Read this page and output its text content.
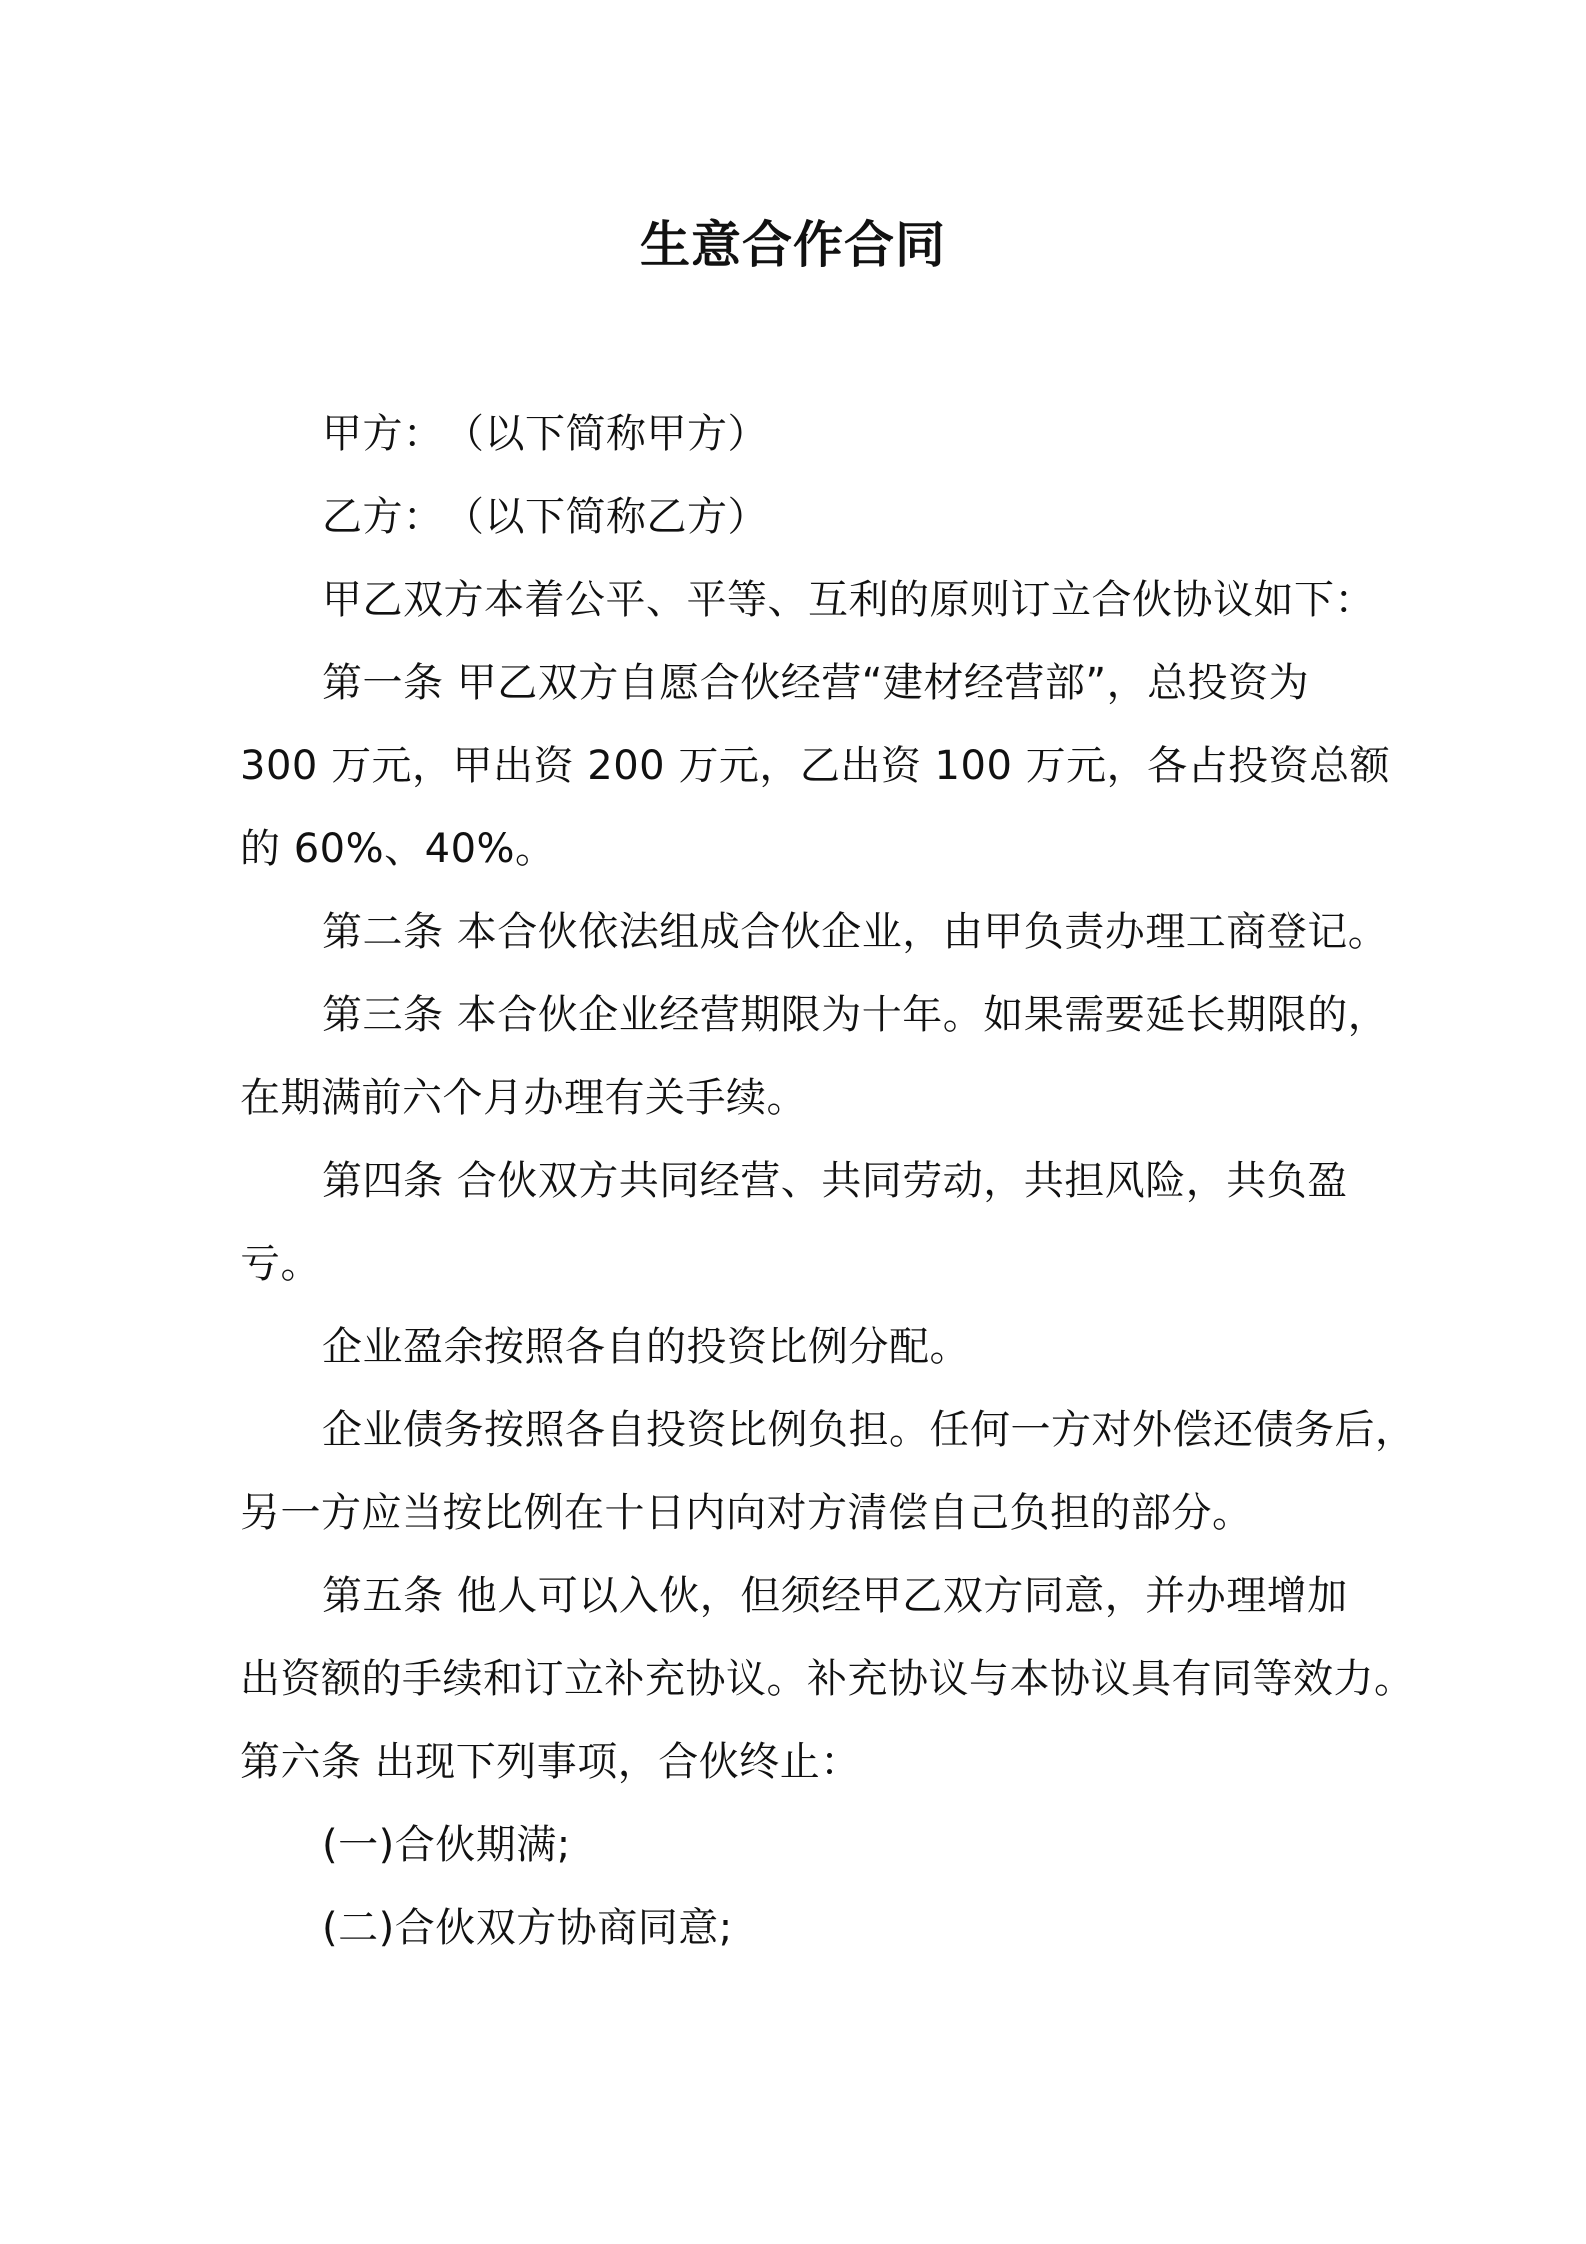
生意合作合同
甲方：　（以下简称甲方）
乙方：　（以下简称乙方）
甲乙双方本着公平、平等、互利的原则订立合伙协议如下：
第一条 甲乙双方自愿合伙经营“建材经营部”，总投资为
300 万元，甲出资 200 万元，乙出资 100 万元，各占投资总额
的 60%、40%。
第二条 本合伙依法组成合伙企业，由甲负责办理工商登记。
第三条 本合伙企业经营期限为十年。如果需要延长期限的，
在期满前六个月办理有关手续。
第四条 合伙双方共同经营、共同劳动，共担风险，共负盈
亏。
企业盈余按照各自的投资比例分配。
企业债务按照各自投资比例负担。任何一方对外偿还债务后，
另一方应当按比例在十日内向对方清偿自己负担的部分。
第五条 他人可以入伙，但须经甲乙双方同意，并办理增加
出资额的手续和订立补充协议。补充协议与本协议具有同等效力。
第六条 出现下列事项，合伙终止：
(一)合伙期满;
(二)合伙双方协商同意;
